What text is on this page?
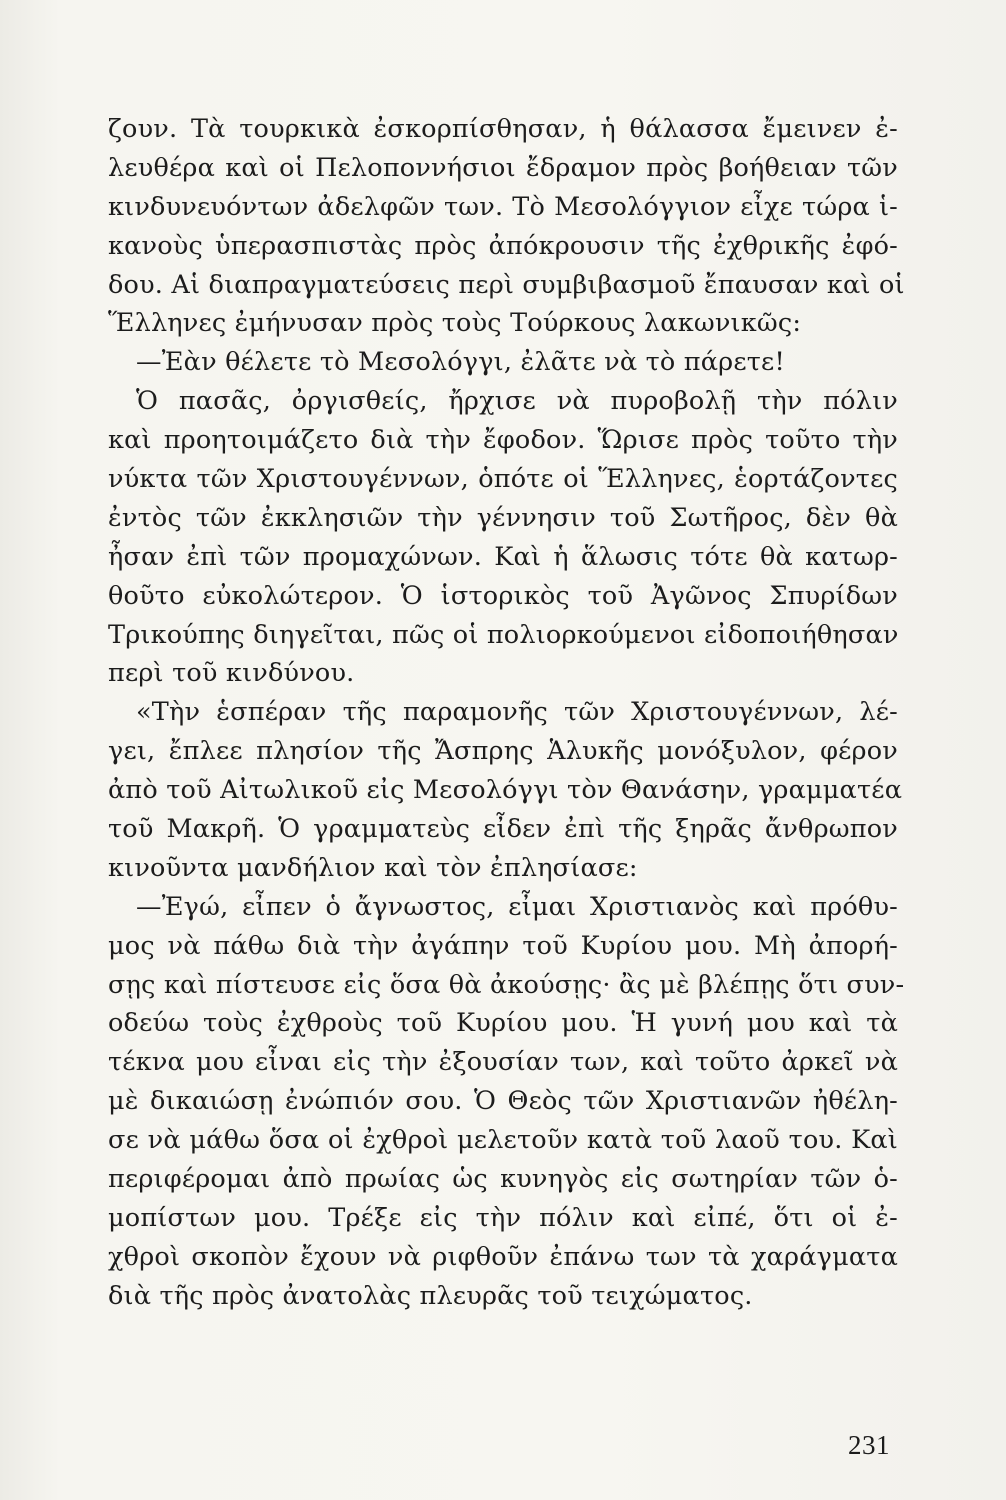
ζουν. Τὰ τουρκικὰ ἐσκορπίσθησαν, ἡ θάλασσα ἔμεινεν ἐ-
λευθέρα καὶ οἱ Πελοποννήσιοι ἔδραμον πρὸς βοήθειαν τῶν
κινδυνευόντων ἀδελφῶν των. Τὸ Μεσολόγγιον εἶχε τώρα ἱ-
κανοὺς ὑπερασπιστὰς πρὸς ἀπόκρουσιν τῆς ἐχθρικῆς ἐφό-
δου. Αἱ διαπραγματεύσεις περὶ συμβιβασμοῦ ἔπαυσαν καὶ οἱ
Ἕλληνες ἐμήνυσαν πρὸς τοὺς Τούρκους λακωνικῶς:
—Ἐὰν θέλετε τὸ Μεσολόγγι, ἐλᾶτε νὰ τὸ πάρετε!
Ὁ πασᾶς, ὀργισθείς, ἤρχισε νὰ πυροβολῇ τὴν πόλιν
καὶ προητοιμάζετο διὰ τὴν ἔφοδον. Ὥρισε πρὸς τοῦτο τὴν
νύκτα τῶν Χριστουγέννων, ὁπότε οἱ Ἕλληνες, ἑορτάζοντες
ἐντὸς τῶν ἐκκλησιῶν τὴν γέννησιν τοῦ Σωτῆρος, δὲν θὰ
ἦσαν ἐπὶ τῶν προμαχώνων. Καὶ ἡ ἅλωσις τότε θὰ κατωρ-
θοῦτο εὐκολώτερον. Ὁ ἱστορικὸς τοῦ Ἀγῶνος Σπυρίδων
Τρικούπης διηγεῖται, πῶς οἱ πολιορκούμενοι εἰδοποιήθησαν
περὶ τοῦ κινδύνου.
«Τὴν ἑσπέραν τῆς παραμονῆς τῶν Χριστουγέννων, λέ-
γει, ἔπλεε πλησίον τῆς Ἄσπρης Ἁλυκῆς μονόξυλον, φέρον
ἀπὸ τοῦ Αἰτωλικοῦ εἰς Μεσολόγγι τὸν Θανάσην, γραμματέα
τοῦ Μακρῆ. Ὁ γραμματεὺς εἶδεν ἐπὶ τῆς ξηρᾶς ἄνθρωπον
κινοῦντα μανδήλιον καὶ τὸν ἐπλησίασε:
—Ἐγώ, εἶπεν ὁ ἄγνωστος, εἶμαι Χριστιανὸς καὶ πρόθυ-
μος νὰ πάθω διὰ τὴν ἀγάπην τοῦ Κυρίου μου. Μὴ ἀπορή-
σῃς καὶ πίστευσε εἰς ὅσα θὰ ἀκούσῃς· ἂς μὲ βλέπῃς ὅτι συν-
οδεύω τοὺς ἐχθροὺς τοῦ Κυρίου μου. Ἡ γυνή μου καὶ τὰ
τέκνα μου εἶναι εἰς τὴν ἐξουσίαν των, καὶ τοῦτο ἀρκεῖ νὰ
μὲ δικαιώσῃ ἐνώπιόν σου. Ὁ Θεὸς τῶν Χριστιανῶν ἠθέλη-
σε νὰ μάθω ὅσα οἱ ἐχθροὶ μελετοῦν κατὰ τοῦ λαοῦ του. Καὶ
περιφέρομαι ἀπὸ πρωίας ὡς κυνηγὸς εἰς σωτηρίαν τῶν ὁ-
μοπίστων μου. Τρέξε εἰς τὴν πόλιν καὶ εἰπέ, ὅτι οἱ ἐ-
χθροὶ σκοπὸν ἔχουν νὰ ριφθοῦν ἐπάνω των τὰ χαράγματα
διὰ τῆς πρὸς ἀνατολὰς πλευρᾶς τοῦ τειχώματος.
231
